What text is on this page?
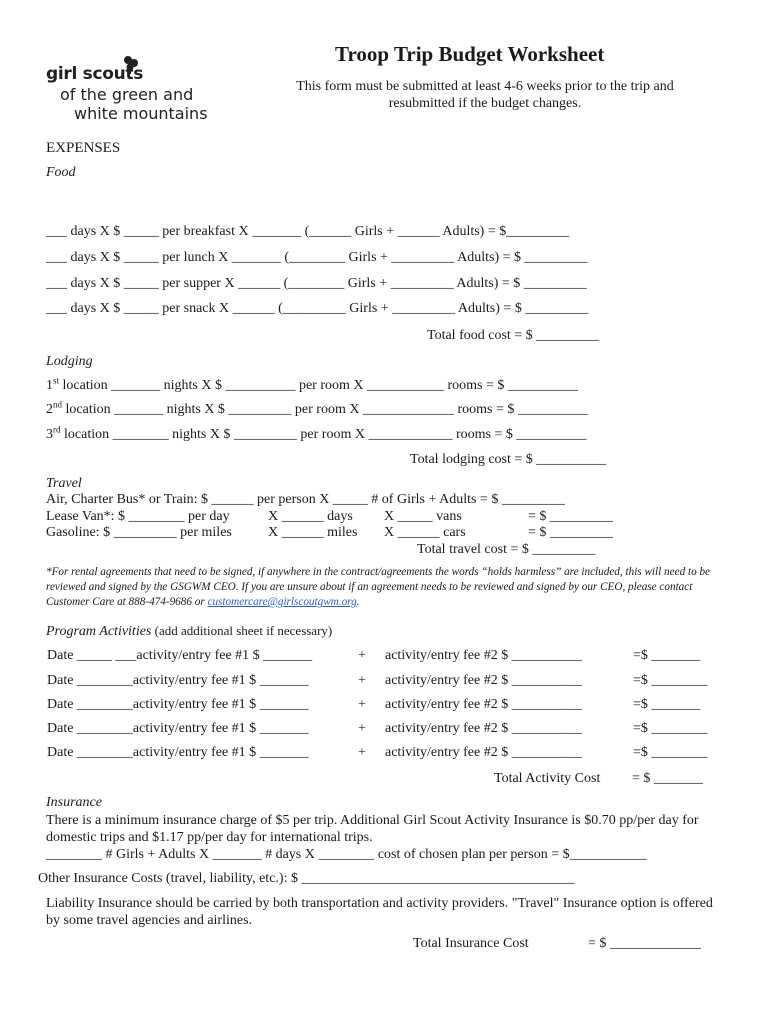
girl scouts
of the green and
white mountains
Troop Trip Budget Worksheet
This form must be submitted at least 4-6 weeks prior to the trip and
resubmitted if the budget changes.
EXPENSES
Food
___ days X $ _____ per breakfast X _______ (______ Girls + ______ Adults) = $_________
___ days X $ _____ per lunch X _______ (________ Girls + _________ Adults) = $ _________
___ days X $ _____ per supper X ______ (________ Girls + _________ Adults) = $ _________
___ days X $ _____ per snack X ______ (_________ Girls + _________ Adults) = $ _________
Total food cost = $ _________
Lodging
1st location _______ nights X $ __________ per room X ___________ rooms = $ __________
2nd location _______ nights X $ _________ per room X _____________ rooms = $ __________
3rd location ________ nights X $ _________ per room X ____________ rooms = $ __________
Total lodging cost = $ __________
Travel
Air, Charter Bus* or Train: $ ______ per person X _____ # of Girls + Adults = $ _________
Lease Van*: $ ________ per day	X ______ days X _____ vans	= $ _________
Gasoline: $ _________ per miles	X ______ miles X ______ cars	= $ _________
Total travel cost = $ _________
*For rental agreements that need to be signed, if anywhere in the contract/agreements the words “holds harmless” are included, this will need to be reviewed and signed by the GSGWM CEO. If you are unsure about if an agreement needs to be reviewed and signed by our CEO, please contact Customer Care at 888-474-9686 or customercare@girlscoutgwm.org.
Program Activities (add additional sheet if necessary)
Date _____ ___activity/entry fee #1 $ _______	+ activity/entry fee #2 $ __________	=$ _______
Date ________activity/entry fee #1 $ _______	+ activity/entry fee #2 $ __________	=$ ________
Date ________activity/entry fee #1 $ _______	+ activity/entry fee #2 $ __________	=$ _______
Date ________activity/entry fee #1 $ _______	+ activity/entry fee #2 $ __________	=$ ________
Date ________activity/entry fee #1 $ _______	+ activity/entry fee #2 $ __________	=$ ________
Total Activity Cost = $ _______
Insurance
There is a minimum insurance charge of $5 per trip. Additional Girl Scout Activity Insurance is $0.70 pp/per day for domestic trips and $1.17 pp/per day for international trips.
________ # Girls + Adults X _______ # days X ________ cost of chosen plan per person = $___________
Other Insurance Costs (travel, liability, etc.): $ _______________________________________
Liability Insurance should be carried by both transportation and activity providers. "Travel" Insurance option is offered by some travel agencies and airlines.
Total Insurance Cost	= $ _____________
